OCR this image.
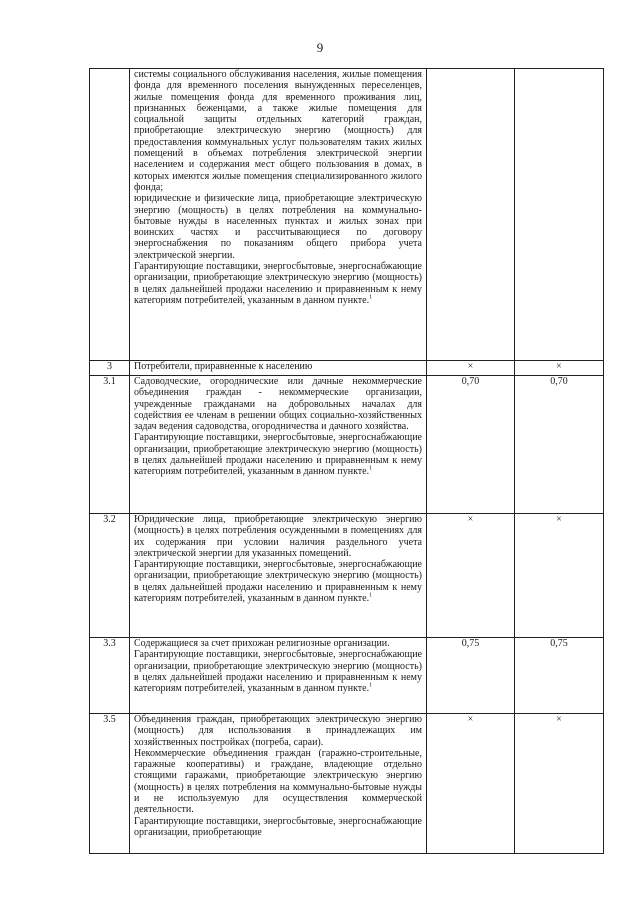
9

	системы социального обслуживания населения, жилые помещения фонда для временного поселения вынужденных переселенцев, жилые помещения фонда для временного проживания лиц, признанных беженцами, а также жилые помещения для социальной защиты отдельных категорий граждан, приобретающие электрическую энергию (мощность) для предоставления коммунальных услуг пользователям таких жилых помещений в объемах потребления электрической энергии населением и содержания мест общего пользования в домах, в которых имеются жилые помещения специализированного жилого фонда;

юридические и физические лица, приобретающие электрическую энергию (мощность) в целях потребления на коммунально-бытовые нужды в населенных пунктах и жилых зонах при воинских частях и рассчитывающиеся по договору энергоснабжения по показаниям общего прибора учета электрической энергии.

Гарантирующие поставщики, энергосбытовые, энергоснабжающие организации, приобретающие электрическую энергию (мощность) в целях дальнейшей продажи населению и приравненным к нему категориям потребителей, указанным в данном пункте.$^1$

3	Потребители, приравненные к населению	×	×
3.1	Садоводческие, огороднические или дачные некоммерческие объединения граждан - некоммерческие организации, учрежденные гражданами на добровольных началах для содействия ее членам в решении общих социально-хозяйственных задач ведения садоводства, огородничества и дачного хозяйства.

Гарантирующие поставщики, энергосбытовые, энергоснабжающие организации, приобретающие электрическую энергию (мощность) в целях дальнейшей продажи населению и приравненным к нему категориям потребителей, указанным в данном пункте.$^1$	0,70	0,70
3.2	Юридические лица, приобретающие электрическую энергию (мощность) в целях потребления осужденными в помещениях для их содержания при условии наличия раздельного учета электрической энергии для указанных помещений.

Гарантирующие поставщики, энергосбытовые, энергоснабжающие организации, приобретающие электрическую энергию (мощность) в целях дальнейшей продажи населению и приравненным к нему категориям потребителей, указанным в данном пункте.$^1$	×	×
3.3	Содержащиеся за счет прихожан религиозные организации.

Гарантирующие поставщики, энергосбытовые, энергоснабжающие организации, приобретающие электрическую энергию (мощность) в целях дальнейшей продажи населению и приравненным к нему категориям потребителей, указанным в данном пункте.$^1$	0,75	0,75
3.5	Объединения граждан, приобретающих электрическую энергию (мощность) для использования в принадлежащих им хозяйственных постройках (погреба, сараи).

Некоммерческие объединения граждан (гаражно-строительные, гаражные кооперативы) и граждане, владеющие отдельно стоящими гаражами, приобретающие электрическую энергию (мощность) в целях потребления на коммунально-бытовые нужды и не используемую для осуществления коммерческой деятельности.

Гарантирующие поставщики, энергосбытовые, энергоснабжающие организации, приобретающие	×	×
